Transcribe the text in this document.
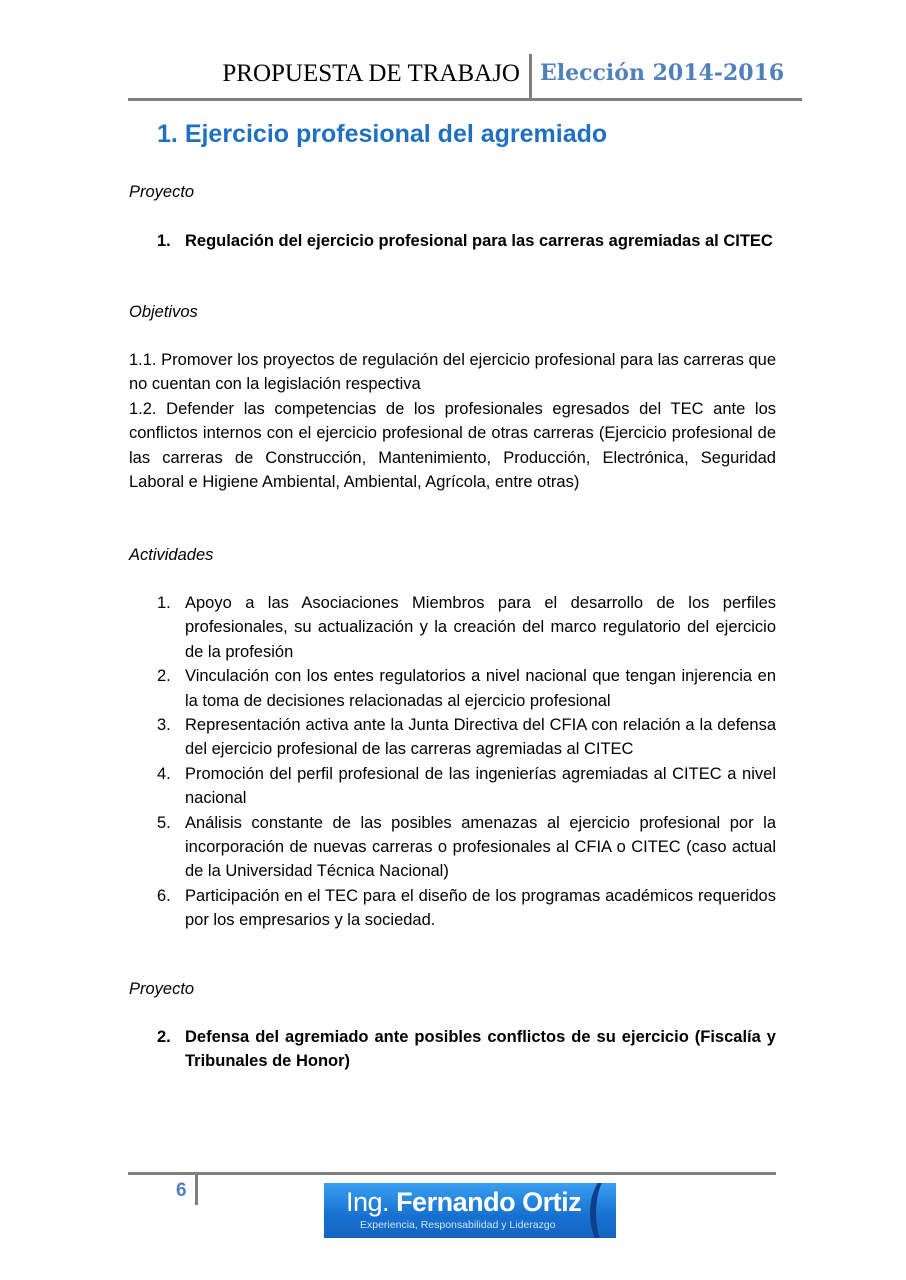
PROPUESTA DE TRABAJO Elección 2014-2016
1. Ejercicio profesional del agremiado
Proyecto
1. Regulación del ejercicio profesional para las carreras agremiadas al CITEC
Objetivos
1.1. Promover los proyectos de regulación del ejercicio profesional para las carreras que no cuentan con la legislación respectiva
1.2. Defender las competencias de los profesionales egresados del TEC ante los conflictos internos con el ejercicio profesional de otras carreras (Ejercicio profesional de las carreras de Construcción, Mantenimiento, Producción, Electrónica, Seguridad Laboral e Higiene Ambiental, Ambiental, Agrícola, entre otras)
Actividades
1. Apoyo a las Asociaciones Miembros para el desarrollo de los perfiles profesionales, su actualización y la creación del marco regulatorio del ejercicio de la profesión
2. Vinculación con los entes regulatorios a nivel nacional que tengan injerencia en la toma de decisiones relacionadas al ejercicio profesional
3. Representación activa ante la Junta Directiva del CFIA con relación a la defensa del ejercicio profesional de las carreras agremiadas al CITEC
4. Promoción del perfil profesional de las ingenierías agremiadas al CITEC a nivel nacional
5. Análisis constante de las posibles amenazas al ejercicio profesional por la incorporación de nuevas carreras o profesionales al CFIA o CITEC (caso actual de la Universidad Técnica Nacional)
6. Participación en el TEC para el diseño de los programas académicos requeridos por los empresarios y la sociedad.
Proyecto
2. Defensa del agremiado ante posibles conflictos de su ejercicio (Fiscalía y Tribunales de Honor)
6	Ing. Fernando Ortiz
Experiencia, Responsabilidad y Liderazgo
